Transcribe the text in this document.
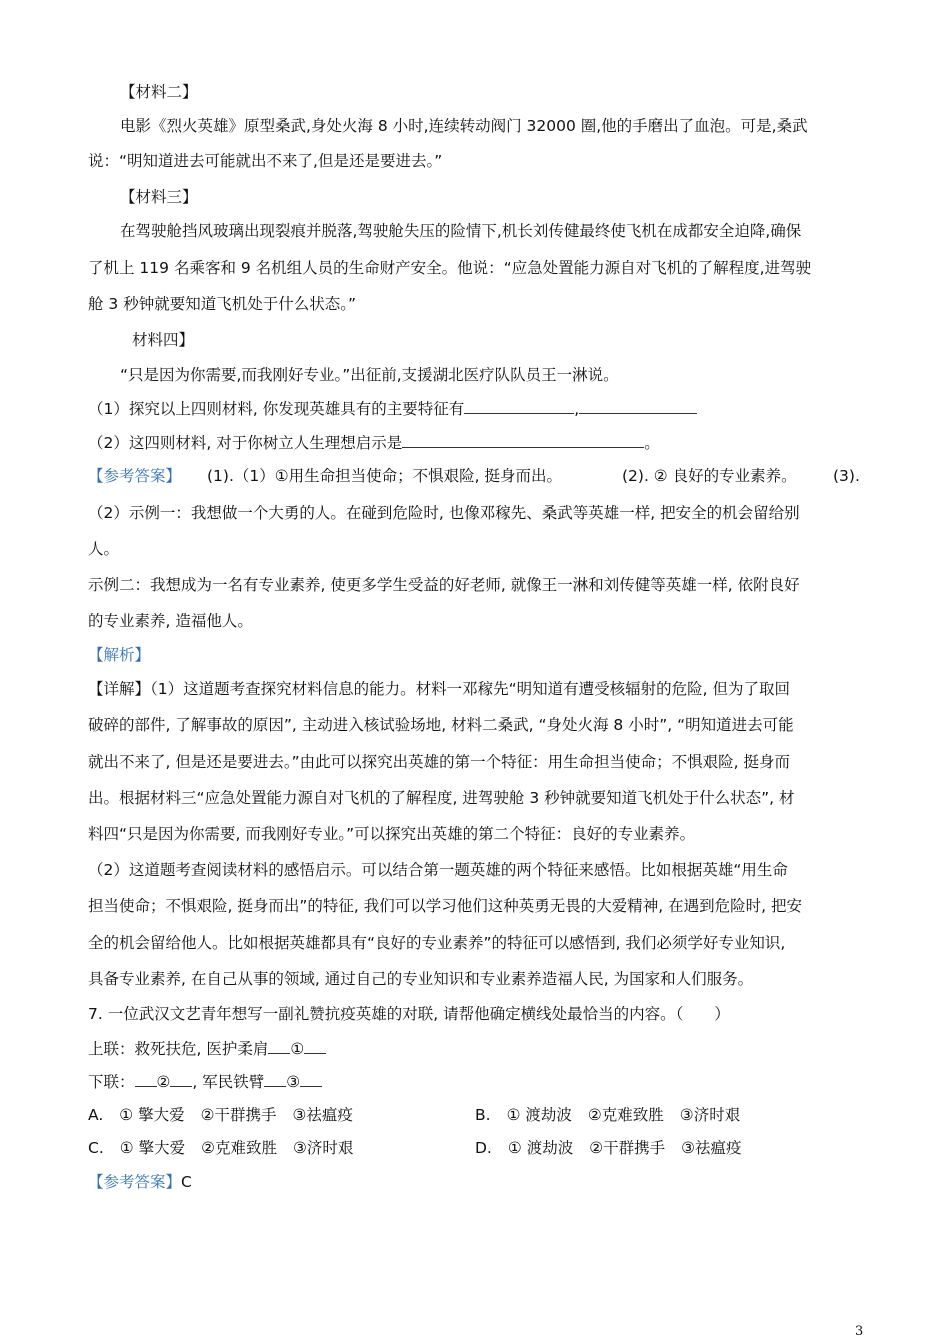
【材料二】
电影《烈火英雄》原型桑武,身处火海 8 小时,连续转动阀门 32000 圈,他的手磨出了血泡。可是,桑武
说：“明知道进去可能就出不来了,但是还是要进去。”
【材料三】
在驾驶舱挡风玻璃出现裂痕并脱落,驾驶舱失压的险情下,机长刘传健最终使飞机在成都安全迫降,确保
了机上 119 名乘客和 9 名机组人员的生命财产安全。他说：“应急处置能力源自对飞机的了解程度,进驾驶
舱 3 秒钟就要知道飞机处于什么状态。”
材料四】
“只是因为你需要,而我刚好专业。”出征前,支援湖北医疗队队员王一淋说。
（1）探究以上四则材料, 你发现英雄具有的主要特征有	,
（2）这四则材料, 对于你树立人生理想启示是	。
【参考答案】 (1).（1）①用生命担当使命；不惧艰险, 挺身而出。	(2). ② 良好的专业素养。 (3).
（2）示例一：我想做一个大勇的人。在碰到危险时, 也像邓稼先、桑武等英雄一样, 把安全的机会留给别
人。
示例二：我想成为一名有专业素养, 使更多学生受益的好老师, 就像王一淋和刘传健等英雄一样, 依附良好
的专业素养, 造福他人。
【解析】
【详解】（1）这道题考查探究材料信息的能力。材料一邓稼先“明知道有遭受核辐射的危险, 但为了取回
破碎的部件, 了解事故的原因”, 主动进入核试验场地, 材料二桑武, “身处火海 8 小时”, “明知道进去可能
就出不来了, 但是还是要进去。”由此可以探究出英雄的第一个特征：用生命担当使命；不惧艰险, 挺身而
出。根据材料三“应急处置能力源自对飞机的了解程度, 进驾驶舱 3 秒钟就要知道飞机处于什么状态”, 材
料四“只是因为你需要, 而我刚好专业。”可以探究出英雄的第二个特征：良好的专业素养。
（2）这道题考查阅读材料的感悟启示。可以结合第一题英雄的两个特征来感悟。比如根据英雄“用生命
担当使命；不惧艰险, 挺身而出”的特征, 我们可以学习他们这种英勇无畏的大爱精神, 在遇到危险时, 把安
全的机会留给他人。比如根据英雄都具有“良好的专业素养”的特征可以感悟到, 我们必须学好专业知识,
具备专业素养, 在自己从事的领域, 通过自己的专业知识和专业素养造福人民, 为国家和人们服务。
7. 一位武汉文艺青年想写一副礼赞抗疫英雄的对联, 请帮他确定横线处最恰当的内容。（　　）
上联：救死扶危, 医护柔肩 ①
下联： ② , 军民铁臂 ③
A. ① 擎大爱 ②干群携手 ③祛瘟疫	B. ① 渡劫波 ②克难致胜 ③济时艰
C. ① 擎大爱 ②克难致胜 ③济时艰	D. ① 渡劫波 ②干群携手 ③祛瘟疫
【参考答案】C
3
